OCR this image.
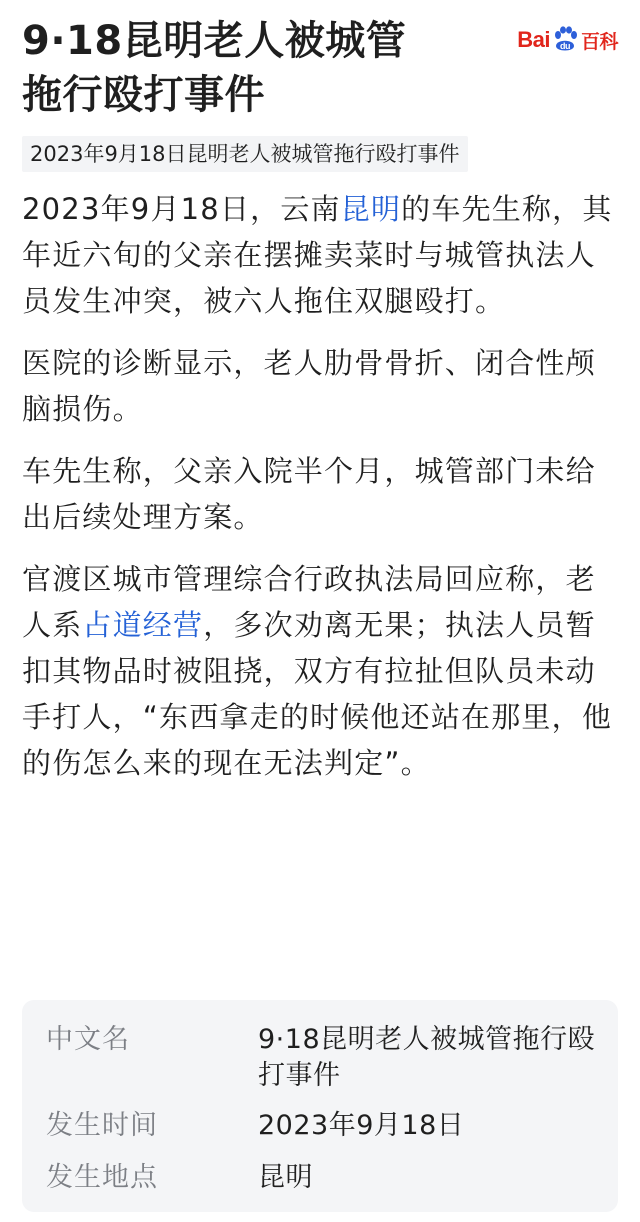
9·18昆明老人被城管
拖行殴打事件
Bai du 百科
2023年9月18日昆明老人被城管拖行殴打事件

2023年9月18日，云南昆明的车先生称，其年近六旬的父亲在摆摊卖菜时与城管执法人员发生冲突，被六人拖住双腿殴打。

医院的诊断显示，老人肋骨骨折、闭合性颅脑损伤。

车先生称，父亲入院半个月，城管部门未给出后续处理方案。

官渡区城市管理综合行政执法局回应称，老人系占道经营，多次劝离无果；执法人员暂扣其物品时被阻挠，双方有拉扯但队员未动手打人，“东西拿走的时候他还站在那里，他的伤怎么来的现在无法判定”。

中文名	9·18昆明老人被城管拖行殴打事件
发生时间	2023年9月18日
发生地点	昆明
